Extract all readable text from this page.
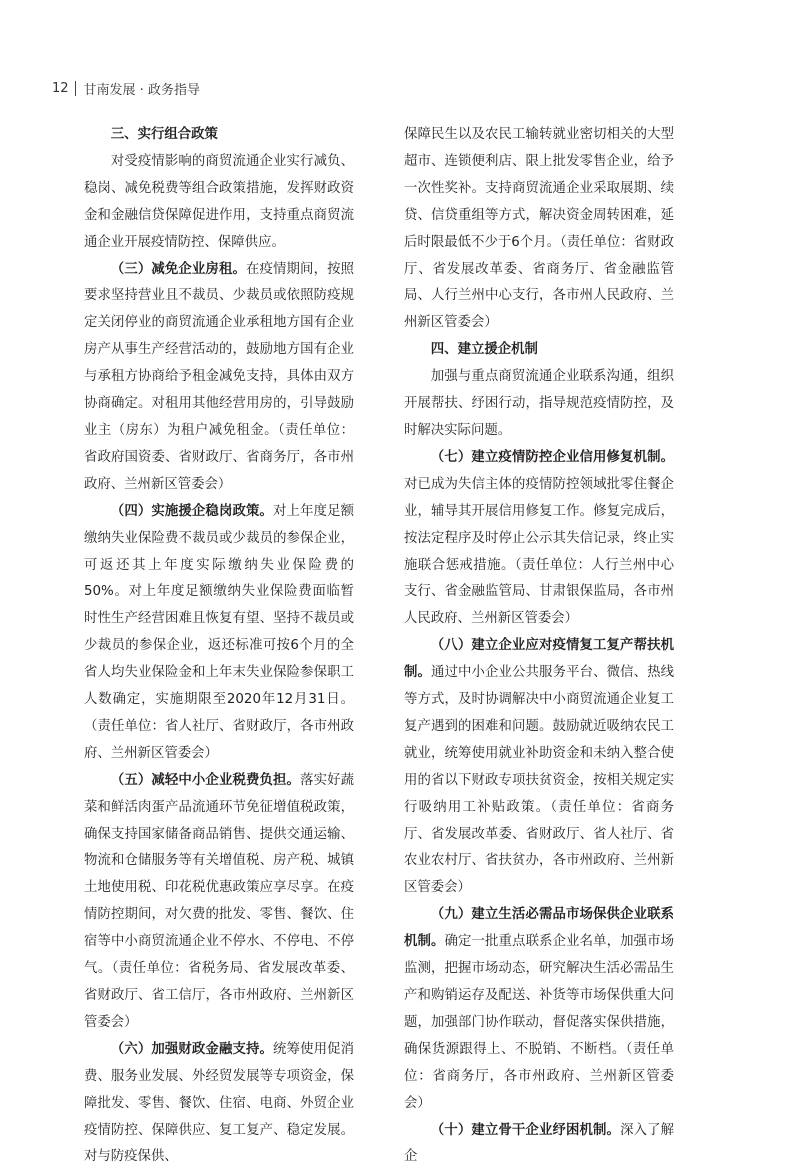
12 甘南发展 · 政务指导

三、实行组合政策

对受疫情影响的商贸流通企业实行减负、稳岗、减免税费等组合政策措施，发挥财政资金和金融信贷保障促进作用，支持重点商贸流通企业开展疫情防控、保障供应。

（三）减免企业房租。在疫情期间，按照要求坚持营业且不裁员、少裁员或依照防疫规定关闭停业的商贸流通企业承租地方国有企业房产从事生产经营活动的，鼓励地方国有企业与承租方协商给予租金减免支持，具体由双方协商确定。对租用其他经营用房的，引导鼓励业主（房东）为租户减免租金。（责任单位：省政府国资委、省财政厅、省商务厅，各市州政府、兰州新区管委会）

（四）实施援企稳岗政策。对上年度足额缴纳失业保险费不裁员或少裁员的参保企业，可返还其上年度实际缴纳失业保险费的50%。对上年度足额缴纳失业保险费面临暂时性生产经营困难且恢复有望、坚持不裁员或少裁员的参保企业，返还标准可按6个月的全省人均失业保险金和上年末失业保险参保职工人数确定，实施期限至2020年12月31日。（责任单位：省人社厅、省财政厅，各市州政府、兰州新区管委会）

（五）减轻中小企业税费负担。落实好蔬菜和鲜活肉蛋产品流通环节免征增值税政策，确保支持国家储备商品销售、提供交通运输、物流和仓储服务等有关增值税、房产税、城镇土地使用税、印花税优惠政策应享尽享。在疫情防控期间，对欠费的批发、零售、餐饮、住宿等中小商贸流通企业不停水、不停电、不停气。（责任单位：省税务局、省发展改革委、省财政厅、省工信厅，各市州政府、兰州新区管委会）

（六）加强财政金融支持。统筹使用促消费、服务业发展、外经贸发展等专项资金，保障批发、零售、餐饮、住宿、电商、外贸企业疫情防控、保障供应、复工复产、稳定发展。对与防疫保供、

保障民生以及农民工输转就业密切相关的大型超市、连锁便利店、限上批发零售企业，给予一次性奖补。支持商贸流通企业采取展期、续贷、信贷重组等方式，解决资金周转困难，延后时限最低不少于6个月。（责任单位：省财政厅、省发展改革委、省商务厅、省金融监管局、人行兰州中心支行，各市州人民政府、兰州新区管委会）

四、建立援企机制

加强与重点商贸流通企业联系沟通，组织开展帮扶、纾困行动，指导规范疫情防控，及时解决实际问题。

（七）建立疫情防控企业信用修复机制。对已成为失信主体的疫情防控领域批零住餐企业，辅导其开展信用修复工作。修复完成后，按法定程序及时停止公示其失信记录，终止实施联合惩戒措施。（责任单位：人行兰州中心支行、省金融监管局、甘肃银保监局，各市州人民政府、兰州新区管委会）

（八）建立企业应对疫情复工复产帮扶机制。通过中小企业公共服务平台、微信、热线等方式，及时协调解决中小商贸流通企业复工复产遇到的困难和问题。鼓励就近吸纳农民工就业，统筹使用就业补助资金和未纳入整合使用的省以下财政专项扶贫资金，按相关规定实行吸纳用工补贴政策。（责任单位：省商务厅、省发展改革委、省财政厅、省人社厅、省农业农村厅、省扶贫办，各市州政府、兰州新区管委会）

（九）建立生活必需品市场保供企业联系机制。确定一批重点联系企业名单，加强市场监测，把握市场动态，研究解决生活必需品生产和购销运存及配送、补货等市场保供重大问题，加强部门协作联动，督促落实保供措施，确保货源跟得上、不脱销、不断档。（责任单位：省商务厅，各市州政府、兰州新区管委会）

（十）建立骨干企业纾困机制。深入了解企
